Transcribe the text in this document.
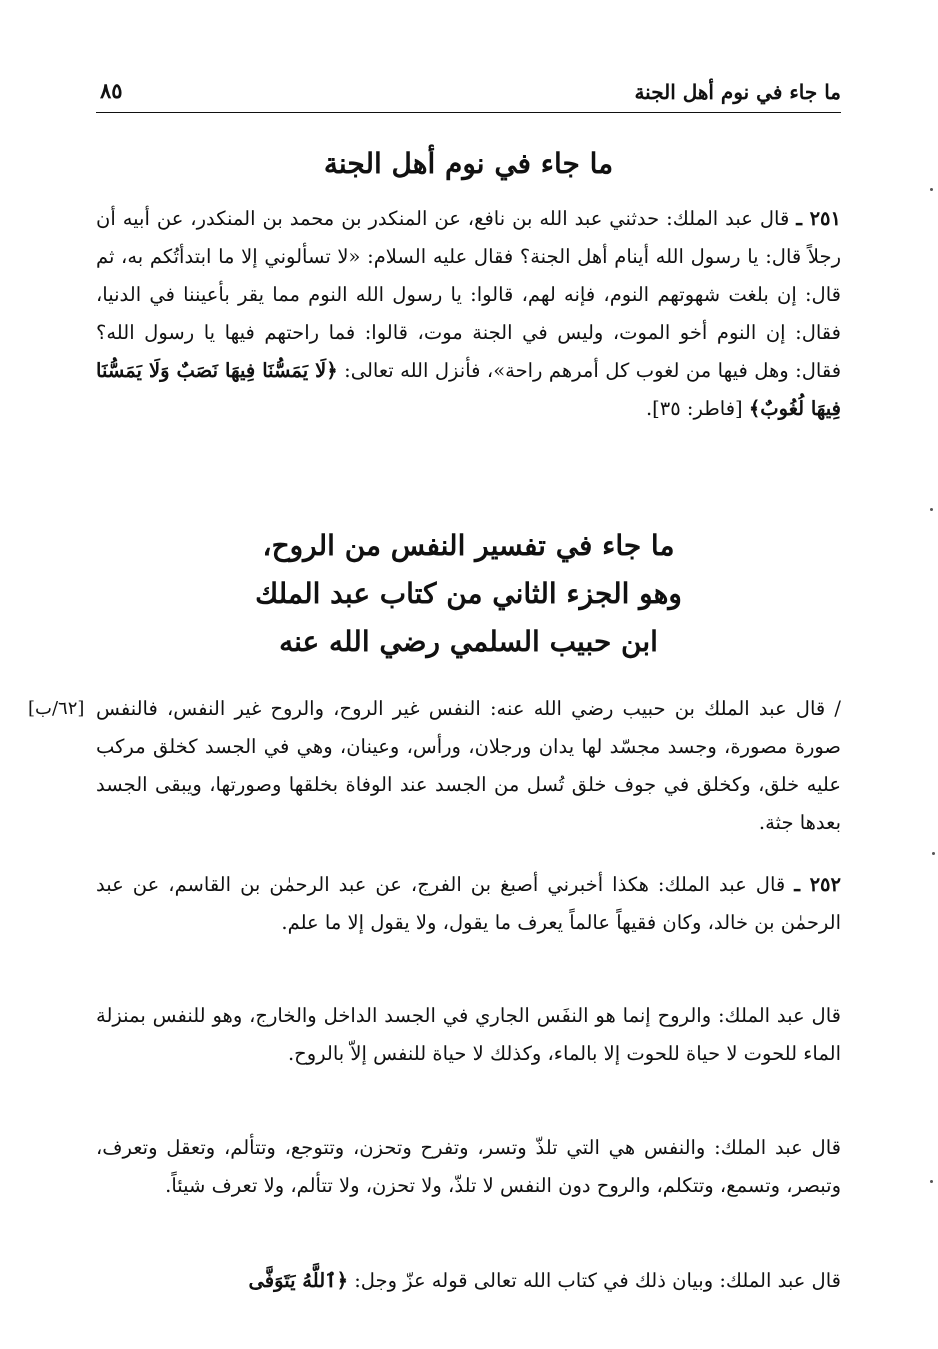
ما جاء في نوم أهل الجنة
٨٥
ما جاء في نوم أهل الجنة
٢٥١ ـ قال عبد الملك: حدثني عبد الله بن نافع، عن المنكدر بن محمد بن المنكدر، عن أبيه أن رجلاً قال: يا رسول الله أينام أهل الجنة؟ فقال عليه السلام: «لا تسألوني إلا ما ابتدأتُكم به، ثم قال: إن بلغت شهوتهم النوم، فإنه لهم، قالوا: يا رسول الله النوم مما يقر بأعيننا في الدنيا، فقال: إن النوم أخو الموت، وليس في الجنة موت، قالوا: فما راحتهم فيها يا رسول الله؟ فقال: وهل فيها من لغوب كل أمرهم راحة»، فأنزل الله تعالى: ﴿لَا يَمَسُّنَا فِيهَا نَصَبٌ وَلَا يَمَسُّنَا فِيهَا لُغُوبٌ﴾ [فاطر: ٣٥].
ما جاء في تفسير النفس من الروح،
وهو الجزء الثاني من كتاب عبد الملك
ابن حبيب السلمي رضي الله عنه
[٦٢/ب] / قال عبد الملك بن حبيب رضي الله عنه: النفس غير الروح، والروح غير النفس، فالنفس صورة مصورة، وجسد مجسّد لها يدان ورجلان، ورأس، وعينان، وهي في الجسد كخلق مركب عليه خلق، وكخلق في جوف خلق تُسل من الجسد عند الوفاة بخلقها وصورتها، ويبقى الجسد بعدها جثة.
٢٥٢ ـ قال عبد الملك: هكذا أخبرني أصبغ بن الفرج، عن عبد الرحمٰن بن القاسم، عن عبد الرحمٰن بن خالد، وكان فقيهاً عالماً يعرف ما يقول، ولا يقول إلا ما علم.
قال عبد الملك: والروح إنما هو النفَس الجاري في الجسد الداخل والخارج، وهو للنفس بمنزلة الماء للحوت لا حياة للحوت إلا بالماء، وكذلك لا حياة للنفس إلاّ بالروح.
قال عبد الملك: والنفس هي التي تلذّ وتسر، وتفرح وتحزن، وتتوجع، وتتألم، وتعقل وتعرف، وتبصر، وتسمع، وتتكلم، والروح دون النفس لا تلذّ، ولا تحزن، ولا تتألم، ولا تعرف شيئاً.
قال عبد الملك: وبيان ذلك في كتاب الله تعالى قوله عزّ وجل: ﴿ٱللَّهُ يَتَوَفَّى
